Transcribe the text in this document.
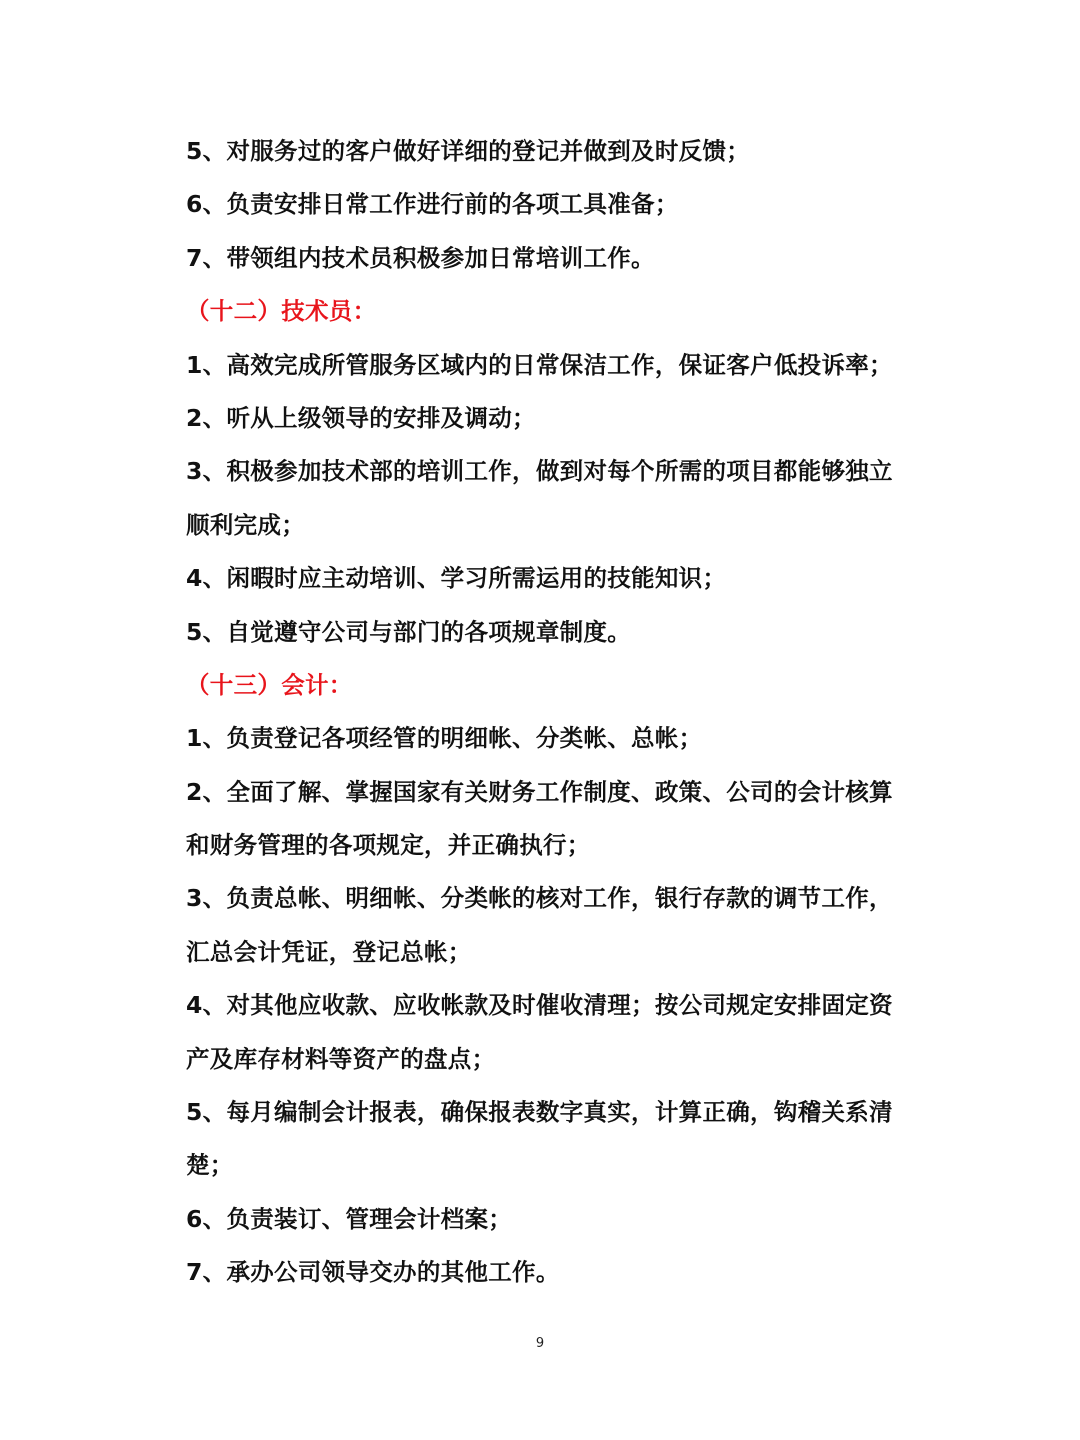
5、对服务过的客户做好详细的登记并做到及时反馈；
6、负责安排日常工作进行前的各项工具准备；
7、带领组内技术员积极参加日常培训工作。
（十二）技术员：
1、高效完成所管服务区域内的日常保洁工作，保证客户低投诉率；
2、听从上级领导的安排及调动；
3、积极参加技术部的培训工作，做到对每个所需的项目都能够独立
顺利完成；
4、闲暇时应主动培训、学习所需运用的技能知识；
5、自觉遵守公司与部门的各项规章制度。
（十三）会计：
1、负责登记各项经管的明细帐、分类帐、总帐；
2、全面了解、掌握国家有关财务工作制度、政策、公司的会计核算
和财务管理的各项规定，并正确执行；
3、负责总帐、明细帐、分类帐的核对工作，银行存款的调节工作，
汇总会计凭证，登记总帐；
4、对其他应收款、应收帐款及时催收清理；按公司规定安排固定资
产及库存材料等资产的盘点；
5、每月编制会计报表，确保报表数字真实，计算正确，钩稽关系清
楚；
6、负责装订、管理会计档案；
7、承办公司领导交办的其他工作。
9
